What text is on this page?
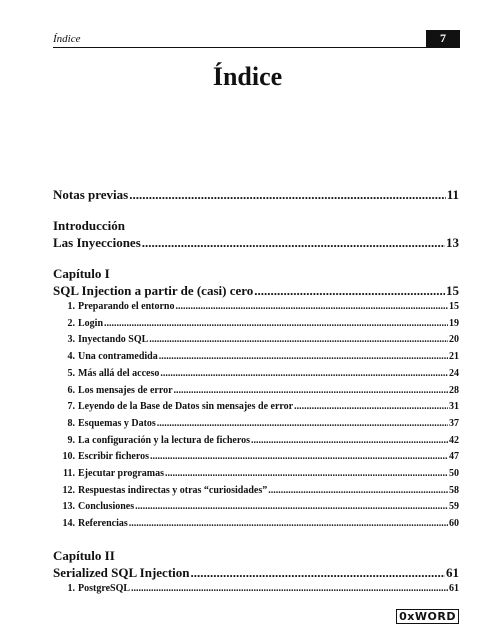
Índice	7
Índice
Notas previas .....	11
Introducción
Las Inyecciones .....	13
Capítulo I
SQL Injection a partir de (casi) cero .....	15
1. Preparando el entorno .....	15
2. Login .....	19
3. Inyectando SQL .....	20
4. Una contramedida .....	21
5. Más allá del acceso .....	24
6. Los mensajes de error .....	28
7. Leyendo de la Base de Datos sin mensajes de error .....	31
8. Esquemas y Datos .....	37
9. La configuración y la lectura de ficheros .....	42
10. Escribir ficheros .....	47
11. Ejecutar programas .....	50
12. Respuestas indirectas y otras “curiosidades” .....	58
13. Conclusiones .....	59
14. Referencias .....	60
Capítulo II
Serialized SQL Injection .....	61
1. PostgreSQL .....	61
0xWORD
